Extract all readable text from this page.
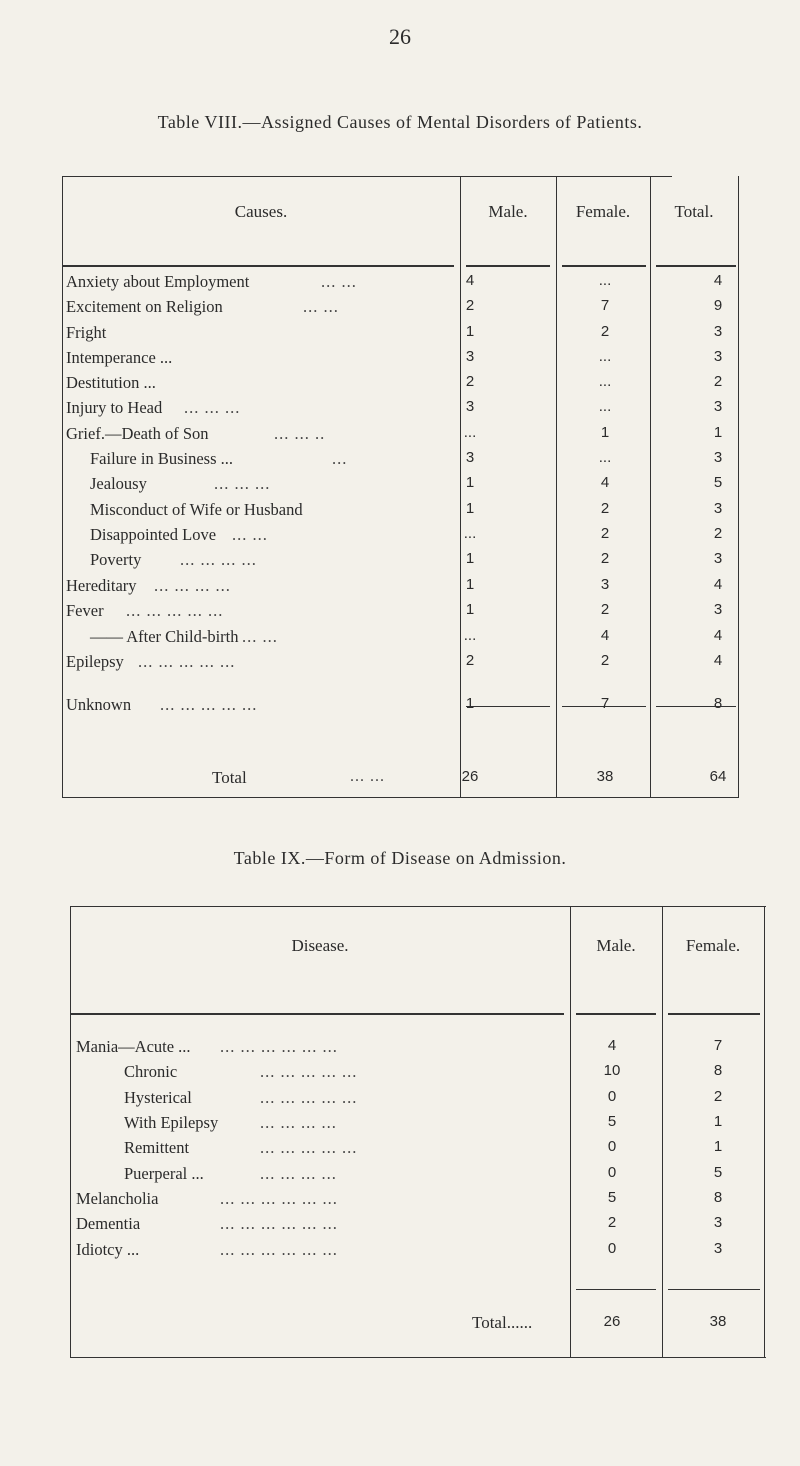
26
Table VIII.—Assigned Causes of Mental Disorders of Patients.
Causes.	Male.	Female.	Total.
Anxiety about Employment	... ...	4	...	4
Excitement on Religion	... ...	2	7	9
Fright	1	2	3
Intemperance ...	3	...	3
Destitution ...	2	...	2
Injury to Head ... ... ...	3	...	3
Grief.—Death of Son	... ... ..	...	1	1
Failure in Business ...	...	3	...	3
Jealousy	... ... ...	1	4	5
Misconduct of Wife or Husband	1	2	3
Disappointed Love ... ...	...	2	2
Poverty ... ... ... ...	1	2	3
Hereditary ... ... ... ...	1	3	4
Fever ... ... ... ... ...	1	2	3
—— After Child-birth ... ...	...	4	4
Epilepsy ... ... ... ... ...	2	2	4
Unknown ... ... ... ... ...	1	7	8
Total	... ...	26	38	64
Table IX.—Form of Disease on Admission.
Disease.	Male.	Female.
Mania—Acute ... ... ... ... ... ... ...	4	7
Chronic	... ... ... ... ...	10	8
Hysterical	... ... ... ... ...	0	2
With Epilepsy	... ... ... ...	5	1
Remittent	... ... ... ... ...	0	1
Puerperal ...	... ... ... ...	0	5
Melancholia	... ... ... ... ... ...	5	8
Dementia	... ... ... ... ... ...	2	3
Idiotcy ...	... ... ... ... ... ...	0	3
Total......	26	38
